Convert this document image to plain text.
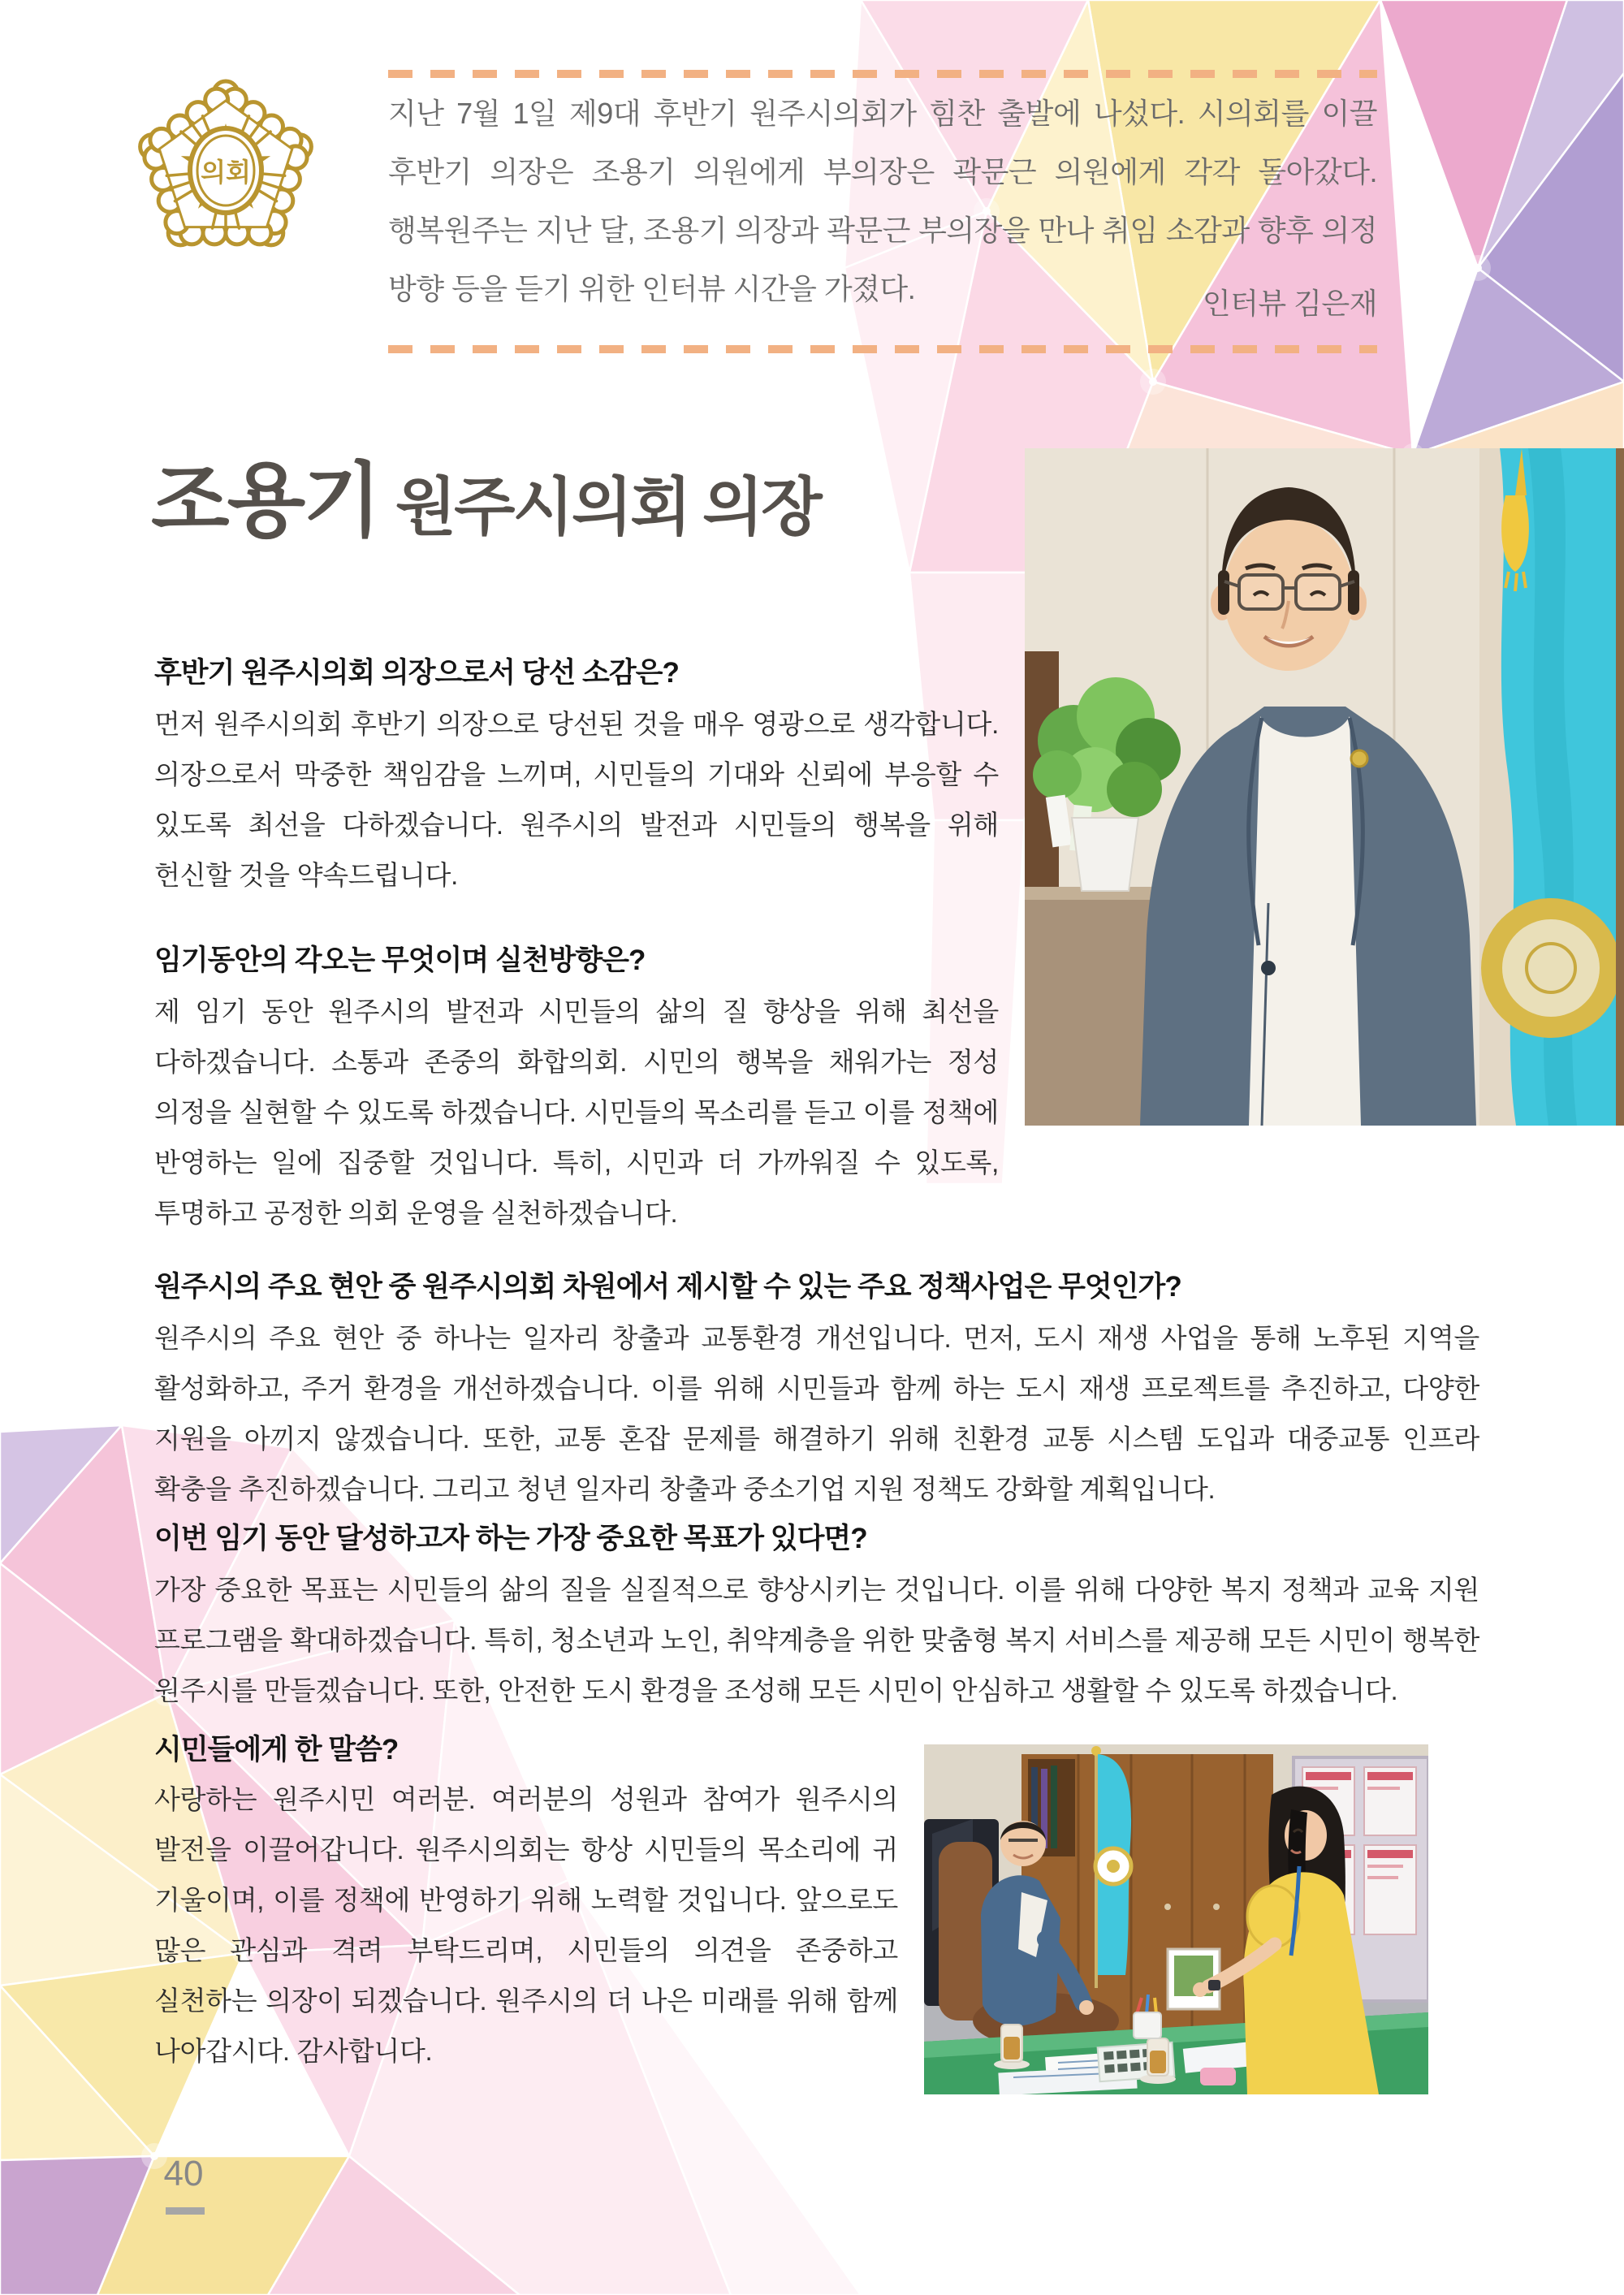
의회

지난 7월 1일 제9대 후반기 원주시의회가 힘찬 출발에 나섰다. 시의회를 이끌 후반기 의장은 조용기 의원에게 부의장은 곽문근 의원에게 각각 돌아갔다. 행복원주는 지난 달, 조용기 의장과 곽문근 부의장을 만나 취임 소감과 향후 의정 방향 등을 듣기 위한 인터뷰 시간을 가졌다.	인터뷰 김은재
조용기 원주시의회 의장
후반기 원주시의회 의장으로서 당선 소감은?

먼저 원주시의회 후반기 의장으로 당선된 것을 매우 영광으로 생각합니다. 의장으로서 막중한 책임감을 느끼며, 시민들의 기대와 신뢰에 부응할 수 있도록 최선을 다하겠습니다. 원주시의 발전과 시민들의 행복을 위해 헌신할 것을 약속드립니다.

임기동안의 각오는 무엇이며 실천방향은?

제 임기 동안 원주시의 발전과 시민들의 삶의 질 향상을 위해 최선을 다하겠습니다. 소통과 존중의 화합의회. 시민의 행복을 채워가는 정성 의정을 실현할 수 있도록 하겠습니다. 시민들의 목소리를 듣고 이를 정책에 반영하는 일에 집중할 것입니다. 특히, 시민과 더 가까워질 수 있도록, 투명하고 공정한 의회 운영을 실천하겠습니다.

원주시의 주요 현안 중 원주시의회 차원에서 제시할 수 있는 주요 정책사업은 무엇인가?

원주시의 주요 현안 중 하나는 일자리 창출과 교통환경 개선입니다. 먼저, 도시 재생 사업을 통해 노후된 지역을 활성화하고, 주거 환경을 개선하겠습니다. 이를 위해 시민들과 함께 하는 도시 재생 프로젝트를 추진하고, 다양한 지원을 아끼지 않겠습니다. 또한, 교통 혼잡 문제를 해결하기 위해 친환경 교통 시스템 도입과 대중교통 인프라 확충을 추진하겠습니다. 그리고 청년 일자리 창출과 중소기업 지원 정책도 강화할 계획입니다.

이번 임기 동안 달성하고자 하는 가장 중요한 목표가 있다면?

가장 중요한 목표는 시민들의 삶의 질을 실질적으로 향상시키는 것입니다. 이를 위해 다양한 복지 정책과 교육 지원 프로그램을 확대하겠습니다. 특히, 청소년과 노인, 취약계층을 위한 맞춤형 복지 서비스를 제공해 모든 시민이 행복한 원주시를 만들겠습니다. 또한, 안전한 도시 환경을 조성해 모든 시민이 안심하고 생활할 수 있도록 하겠습니다.

시민들에게 한 말씀?

사랑하는 원주시민 여러분. 여러분의 성원과 참여가 원주시의 발전을 이끌어갑니다. 원주시의회는 항상 시민들의 목소리에 귀 기울이며, 이를 정책에 반영하기 위해 노력할 것입니다. 앞으로도 많은 관심과 격려 부탁드리며, 시민들의 의견을 존중하고 실천하는 의장이 되겠습니다. 원주시의 더 나은 미래를 위해 함께 나아갑시다. 감사합니다.

40
